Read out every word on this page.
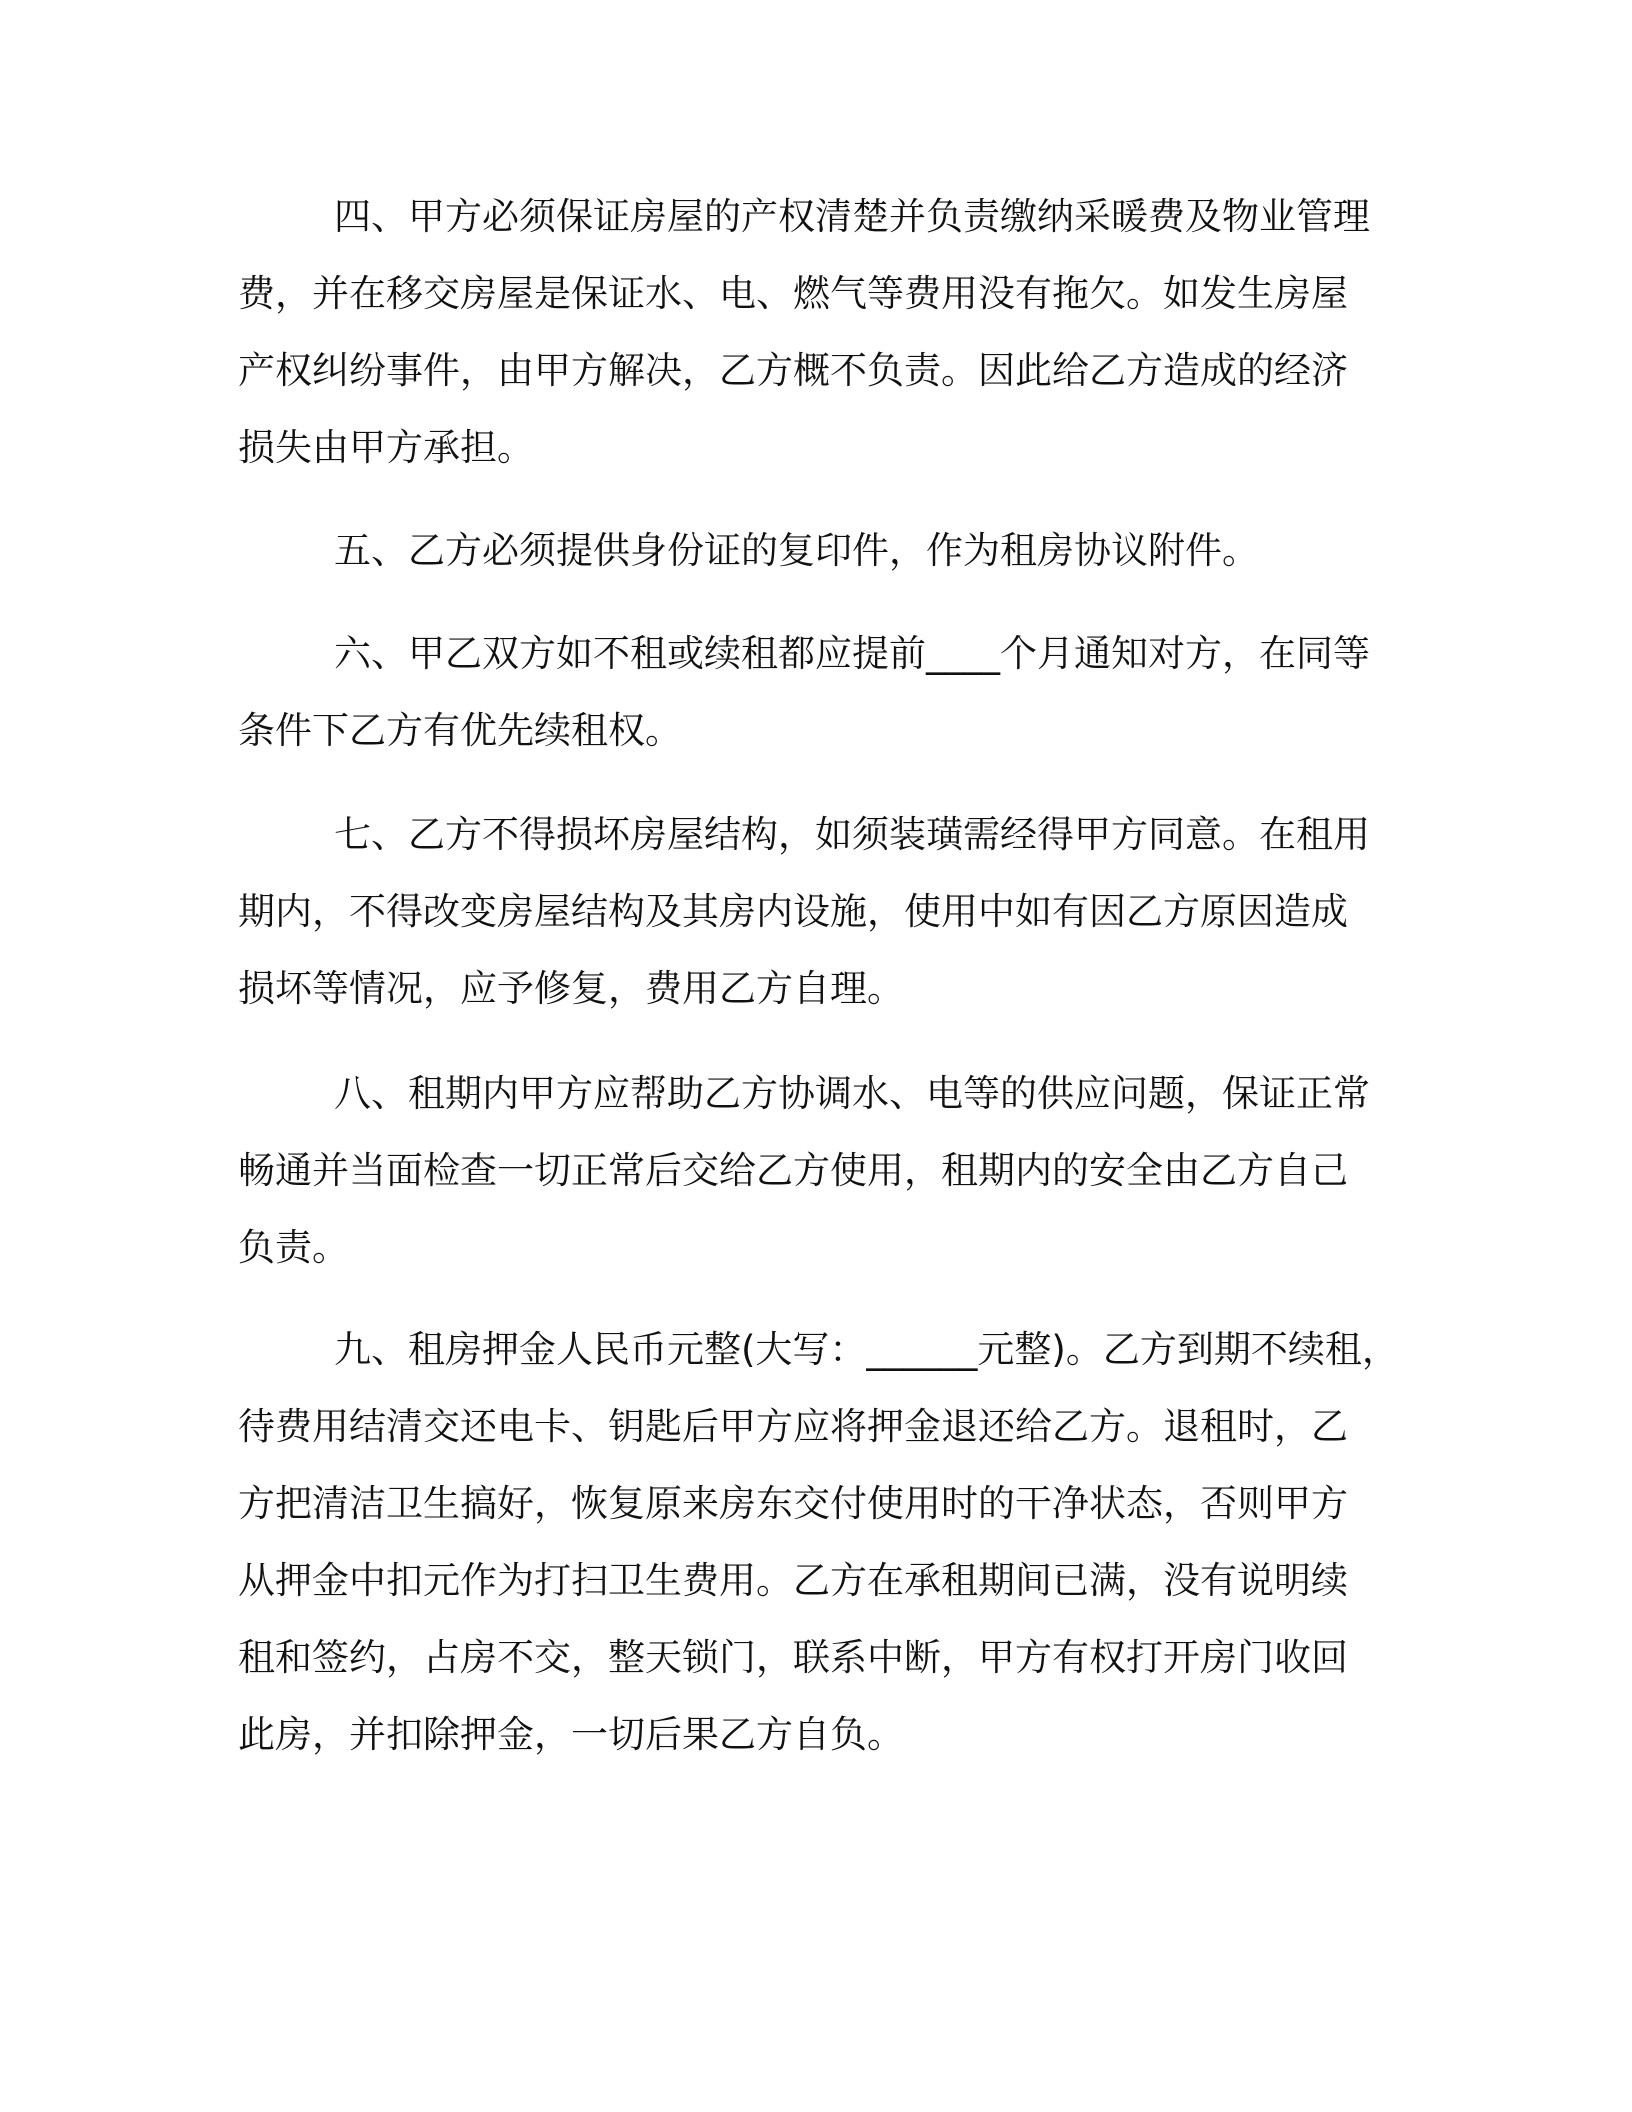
四、甲方必须保证房屋的产权清楚并负责缴纳采暖费及物业管理
费，并在移交房屋是保证水、电、燃气等费用没有拖欠。如发生房屋
产权纠纷事件，由甲方解决，乙方概不负责。因此给乙方造成的经济
损失由甲方承担。

五、乙方必须提供身份证的复印件，作为租房协议附件。

六、甲乙双方如不租或续租都应提前____个月通知对方，在同等
条件下乙方有优先续租权。

七、乙方不得损坏房屋结构，如须装璜需经得甲方同意。在租用
期内，不得改变房屋结构及其房内设施，使用中如有因乙方原因造成
损坏等情况，应予修复，费用乙方自理。

八、租期内甲方应帮助乙方协调水、电等的供应问题，保证正常
畅通并当面检查一切正常后交给乙方使用，租期内的安全由乙方自己
负责。

九、租房押金人民币元整(大写：______元整)。乙方到期不续租，
待费用结清交还电卡、钥匙后甲方应将押金退还给乙方。退租时，乙
方把清洁卫生搞好，恢复原来房东交付使用时的干净状态，否则甲方
从押金中扣元作为打扫卫生费用。乙方在承租期间已满，没有说明续
租和签约，占房不交，整天锁门，联系中断，甲方有权打开房门收回
此房，并扣除押金，一切后果乙方自负。
